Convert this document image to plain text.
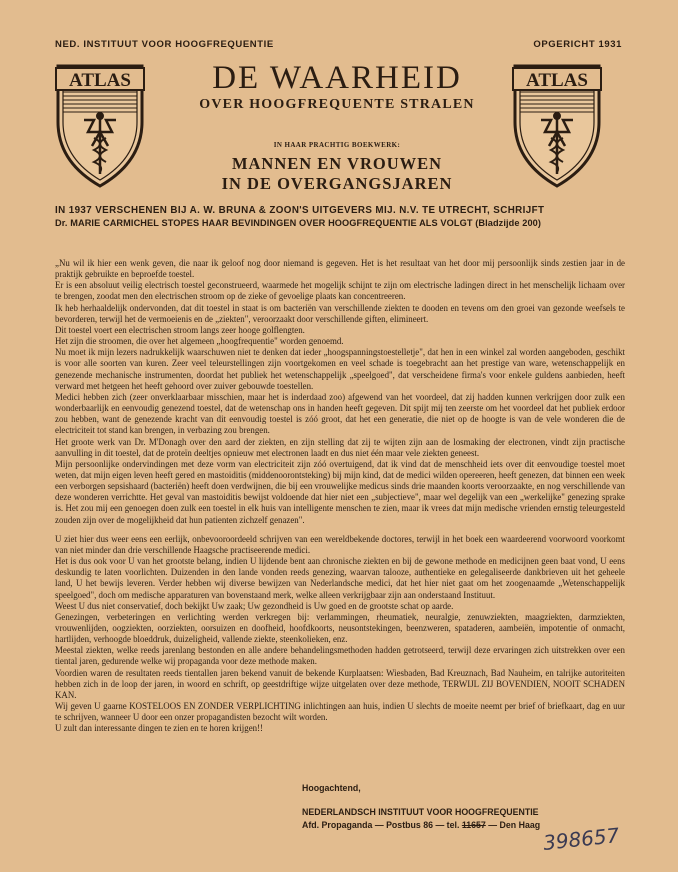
NED. INSTITUUT VOOR HOOGFREQUENTIE	OPGERICHT 1931
ATLAS	ATLAS
DE WAARHEID
OVER HOOGFREQUENTE STRALEN
IN HAAR PRACHTIG BOEKWERK:
MANNEN EN VROUWEN
IN DE OVERGANGSJAREN
IN 1937 VERSCHENEN BIJ A. W. BRUNA & ZOON'S UITGEVERS MIJ. N.V. TE UTRECHT, SCHRIJFT
Dr. MARIE CARMICHEL STOPES HAAR BEVINDINGEN OVER HOOGFREQUENTIE ALS VOLGT (Bladzijde 200)

„Nu wil ik hier een wenk geven, die naar ik geloof nog door niemand is gegeven. Het is het resultaat van het door mij persoonlijk sinds zestien jaar in de praktijk gebruikte en beproefde toestel.

Er is een absoluut veilig electrisch toestel geconstrueerd, waarmede het mogelijk schijnt te zijn om electrische ladingen direct in het menschelijk lichaam over te brengen, zoodat men den electrischen stroom op de zieke of gevoelige plaats kan concentreeren.

Ik heb herhaaldelijk ondervonden, dat dit toestel in staat is om bacteriën van verschillende ziekten te dooden en tevens om den groei van gezonde weefsels te bevorderen, terwijl het de vermoeienis en de „ziekten", veroorzaakt door verschillende giften, elimineert.

Dit toestel voert een electrischen stroom langs zeer hooge golflengten.

Het zijn die stroomen, die over het algemeen „hoogfrequentie" worden genoemd.

Nu moet ik mijn lezers nadrukkelijk waarschuwen niet te denken dat ieder „hoogspanningstoestelletje", dat hen in een winkel zal worden aangeboden, geschikt is voor alle soorten van kuren. Zeer veel teleurstellingen zijn voortgekomen en veel schade is toegebracht aan het prestige van ware, wetenschappelijk en genezende mechanische instrumenten, doordat het publiek het wetenschappelijk „speelgoed", dat verscheidene firma's voor enkele guldens aanbieden, heeft verward met hetgeen het heeft gehoord over zuiver gebouwde toestellen.

Medici hebben zich (zeer onverklaarbaar misschien, maar het is inderdaad zoo) afgewend van het voordeel, dat zij hadden kunnen verkrijgen door zulk een wonderbaarlijk en eenvoudig genezend toestel, dat de wetenschap ons in handen heeft gegeven. Dit spijt mij ten zeerste om het voordeel dat het publiek erdoor zou hebben, want de genezende kracht van dit eenvoudig toestel is zóó groot, dat het een generatie, die niet op de hoogte is van de vele wonderen die de electriciteit tot stand kan brengen, in verbazing zou brengen.

Het groote werk van Dr. M'Donagh over den aard der ziekten, en zijn stelling dat zij te wijten zijn aan de losmaking der electronen, vindt zijn practische aanvulling in dit toestel, dat de proteïn deeltjes opnieuw met electronen laadt en dus niet één maar vele ziekten geneest.

Mijn persoonlijke ondervindingen met deze vorm van electriciteit zijn zóó overtuigend, dat ik vind dat de menschheid iets over dit eenvoudige toestel moet weten, dat mijn eigen leven heeft gered en mastoiditis (middenoorontsteking) bij mijn kind, dat de medici wilden opereeren, heeft genezen, dat binnen een week een verborgen sepsishaard (bacteriën) heeft doen verdwijnen, die bij een vrouwelijke medicus sinds drie maanden koorts veroorzaakte, en nog verschillende van deze wonderen verrichtte. Het geval van mastoiditis bewijst voldoende dat hier niet een „subjectieve", maar wel degelijk van een „werkelijke" genezing sprake is. Het zou mij een genoegen doen zulk een toestel in elk huis van intelligente menschen te zien, maar ik vrees dat mijn medische vrienden ernstig teleurgesteld zouden zijn over de mogelijkheid dat hun patienten zichzelf genazen".

U ziet hier dus weer eens een eerlijk, onbevooroordeeld schrijven van een wereldbekende doctores, terwijl in het boek een waardeerend voorwoord voorkomt van niet minder dan drie verschillende Haagsche practiseerende medici.

Het is dus ook voor U van het grootste belang, indien U lijdende bent aan chronische ziekten en bij de gewone methode en medicijnen geen baat vond, U eens deskundig te laten voorlichten. Duizenden in den lande vonden reeds genezing, waarvan talooze, authentieke en gelegaliseerde dankbrieven uit het geheele land, U het bewijs leveren. Verder hebben wij diverse bewijzen van Nederlandsche medici, dat het hier niet gaat om het zoogenaamde „Wetenschappelijk speelgoed", doch om medische apparaturen van bovenstaand merk, welke alleen verkrijgbaar zijn aan onderstaand Instituut.

Weest U dus niet conservatief, doch bekijkt Uw zaak; Uw gezondheid is Uw goed en de grootste schat op aarde.

Genezingen, verbeteringen en verlichting werden verkregen bij: verlammingen, rheumatiek, neuralgie, zenuwziekten, maagziekten, darmziekten, vrouwenlijden, oogziekten, oorziekten, oorsuizen en doofheid, hoofdkoorts, neusontstekingen, beenzweren, spataderen, aambeiën, impotentie of onmacht, hartlijden, verhoogde bloeddruk, duizeligheid, vallende ziekte, steenkolieken, enz.

Meestal ziekten, welke reeds jarenlang bestonden en alle andere behandelingsmethoden hadden getrotseerd, terwijl deze ervaringen zich uitstrekken over een tiental jaren, gedurende welke wij propaganda voor deze methode maken.

Voordien waren de resultaten reeds tientallen jaren bekend vanuit de bekende Kurplaatsen: Wiesbaden, Bad Kreuznach, Bad Nauheim, en talrijke autoriteiten hebben zich in de loop der jaren, in woord en schrift, op geestdriftige wijze uitgelaten over deze methode, TERWIJL ZIJ BOVENDIEN, NOOIT SCHADEN KAN.

Wij geven U gaarne KOSTELOOS EN ZONDER VERPLICHTING inlichtingen aan huis, indien U slechts de moeite neemt per brief of briefkaart, dag en uur te schrijven, wanneer U door een onzer propagandisten bezocht wilt worden.

U zult dan interessante dingen te zien en te horen krijgen!!

Hoogachtend,
NEDERLANDSCH INSTITUUT VOOR HOOGFREQUENTIE
Afd. Propaganda — Postbus 86 — tel. 11657 — Den Haag 398657
